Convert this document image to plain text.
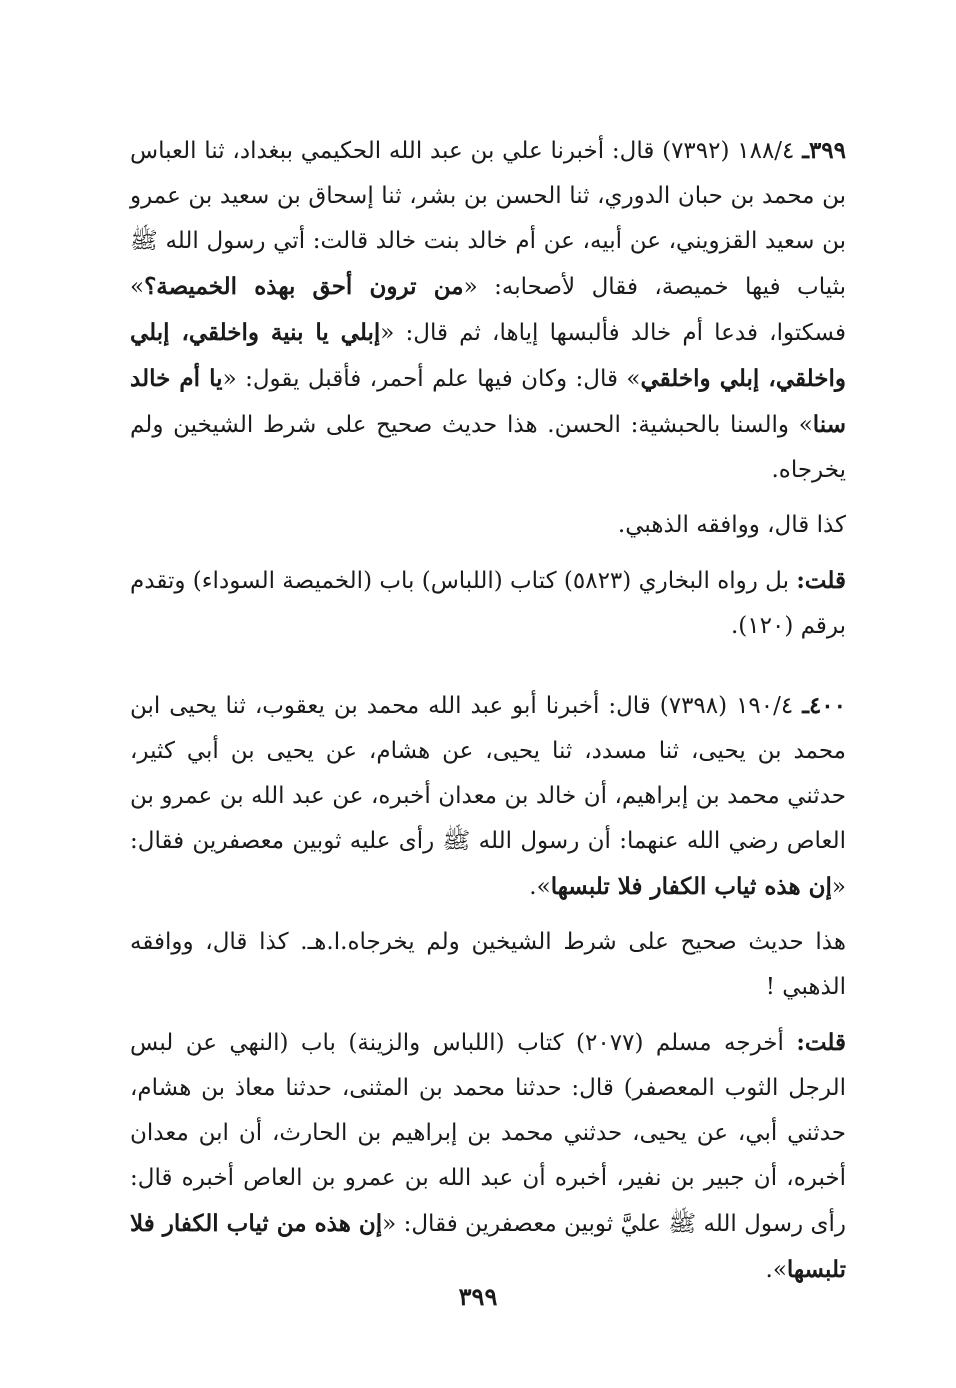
٣٩٩ـ ١٨٨/٤ (٧٣٩٢) قال: أخبرنا علي بن عبد الله الحكيمي ببغداد، ثنا العباس بن محمد بن حبان الدوري، ثنا الحسن بن بشر، ثنا إسحاق بن سعيد بن عمرو بن سعيد القزويني، عن أبيه، عن أم خالد بنت خالد قالت: أتي رسول الله ﷺ بثياب فيها خميصة، فقال لأصحابه: «من ترون أحق بهذه الخميصة؟» فسكتوا، فدعا أم خالد فألبسها إياها، ثم قال: «إبلي يا بنية واخلقي، إبلي واخلقي، إبلي واخلقي» قال: وكان فيها علم أحمر، فأقبل يقول: «يا أم خالد سنا» والسنا بالحبشية: الحسن. هذا حديث صحيح على شرط الشيخين ولم يخرجاه.

كذا قال، ووافقه الذهبي.

قلت: بل رواه البخاري (٥٨٢٣) كتاب (اللباس) باب (الخميصة السوداء) وتقدم برقم (١٢٠).

٤٠٠ـ ١٩٠/٤ (٧٣٩٨) قال: أخبرنا أبو عبد الله محمد بن يعقوب، ثنا يحيى ابن محمد بن يحيى، ثنا مسدد، ثنا يحيى، عن هشام، عن يحيى بن أبي كثير، حدثني محمد بن إبراهيم، أن خالد بن معدان أخبره، عن عبد الله بن عمرو بن العاص رضي الله عنهما: أن رسول الله ﷺ رأى عليه ثوبين معصفرين فقال: «إن هذه ثياب الكفار فلا تلبسها».

هذا حديث صحيح على شرط الشيخين ولم يخرجاه.ا.هـ. كذا قال، ووافقه الذهبي !

قلت: أخرجه مسلم (٢٠٧٧) كتاب (اللباس والزينة) باب (النهي عن لبس الرجل الثوب المعصفر) قال: حدثنا محمد بن المثنى، حدثنا معاذ بن هشام، حدثني أبي، عن يحيى، حدثني محمد بن إبراهيم بن الحارث، أن ابن معدان أخبره، أن جبير بن نفير، أخبره أن عبد الله بن عمرو بن العاص أخبره قال: رأى رسول الله ﷺ عليَّ ثوبين معصفرين فقال: «إن هذه من ثياب الكفار فلا تلبسها».

٣٩٩
